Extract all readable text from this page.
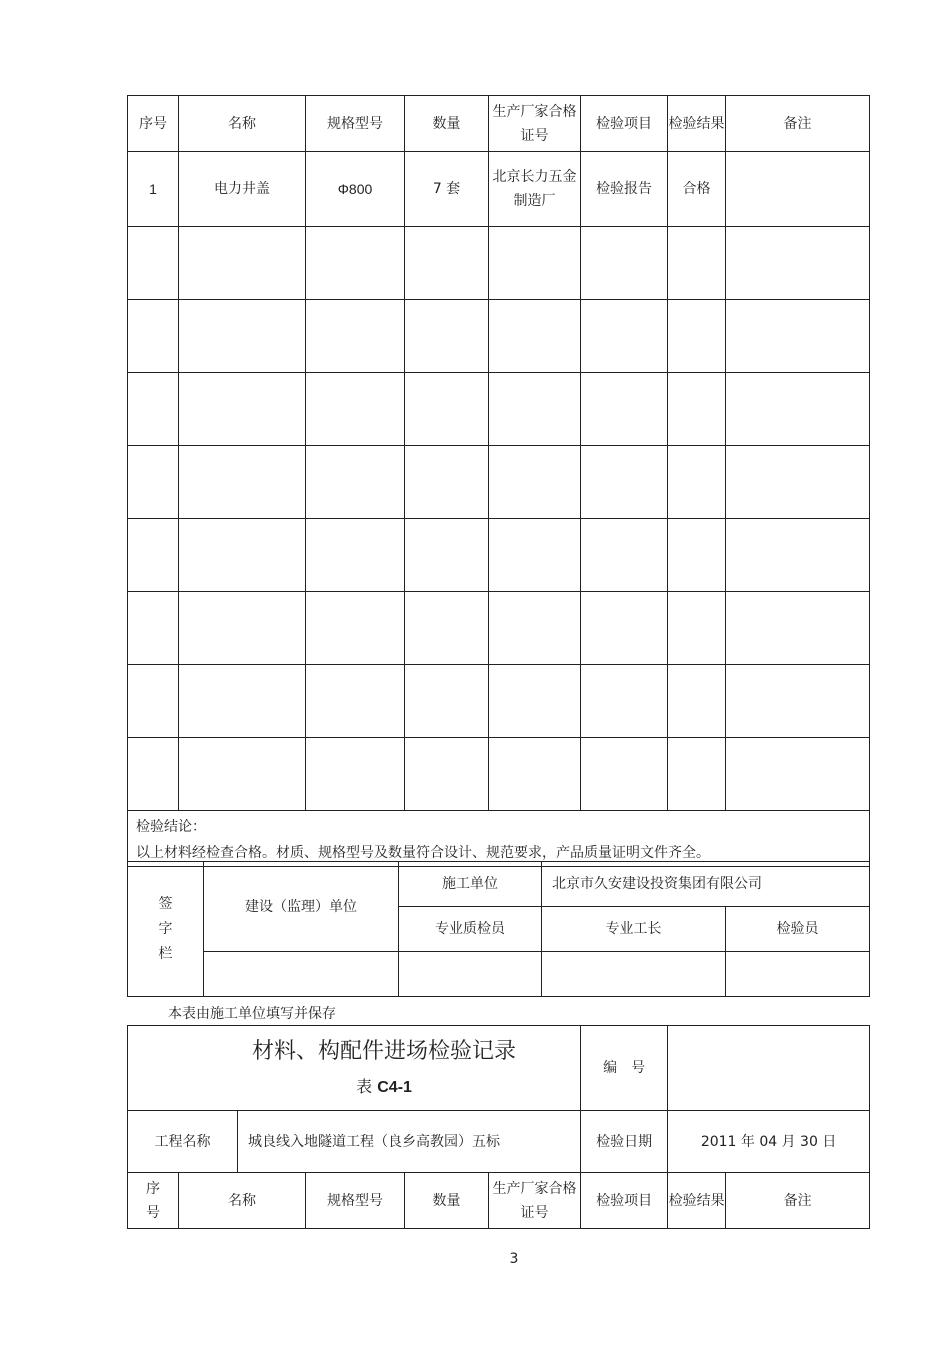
序号	名称	规格型号	数量	生产厂家合格证号	检验项目	检验结果	备注
1	电力井盖	Φ800	7 套	北京长力五金制造厂	检验报告	合格	

检验结论：
以上材料经检查合格。材质、规格型号及数量符合设计、规范要求，产品质量证明文件齐全。							
签字栏	建设（监理）单位	施工单位	北京市久安建设投资集团有限公司	
		专业质检员	专业工长	检验员

本表由施工单位填写并保存
材料、构配件进场检验记录
表 C4-1						编　号		
工程名称		城良线入地隧道工程（良乡高教园）五标				检验日期	2011 年 04 月 30 日	

序号	名称		规格型号	数量	生产厂家合格证号	检验项目	检验结果	备注
3
